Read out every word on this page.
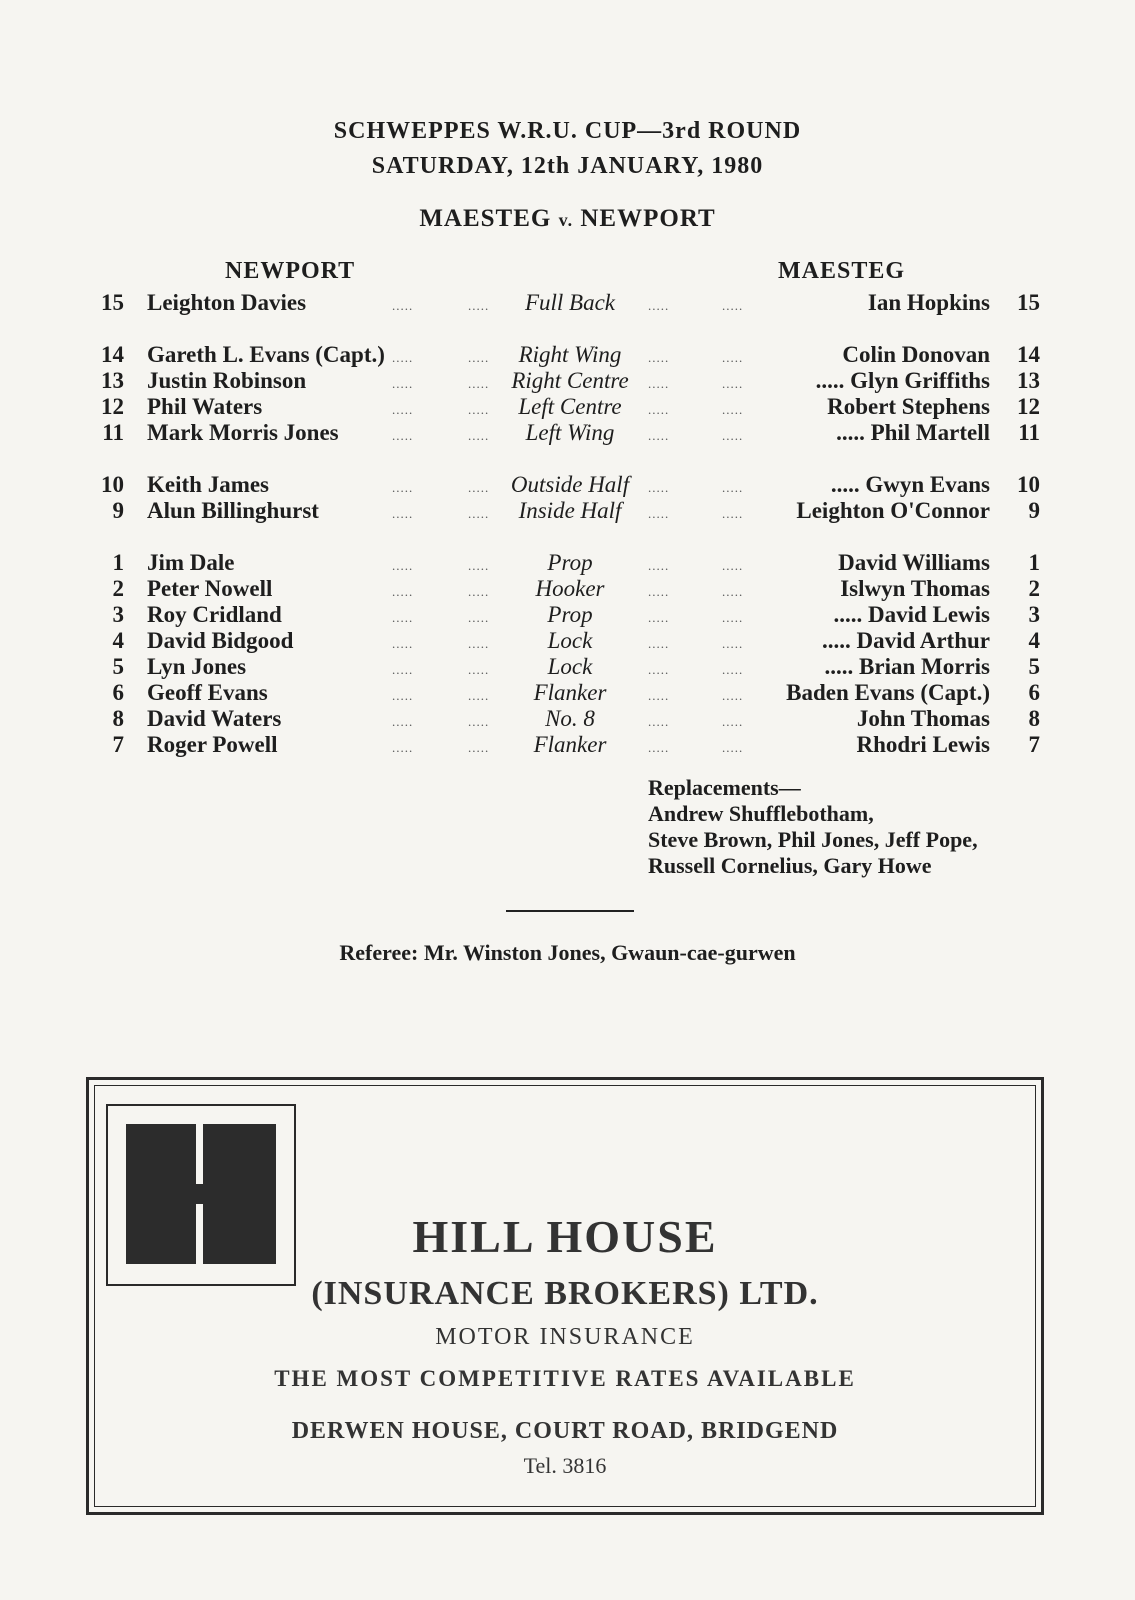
SCHWEPPES W.R.U. CUP—3rd ROUND
SATURDAY, 12th JANUARY, 1980
MAESTEG v. NEWPORT
NEWPORT	MAESTEG
15 Leighton Davies	.....	.....	Full Back	.....	.....	Ian Hopkins	15
14 Gareth L. Evans (Capt.) .....	.....	Right Wing	.....	.....	Colin Donovan	14
13 Justin Robinson	.....	..... Right Centre	.....	.....	..... Glyn Griffiths	13
12 Phil Waters	.....	.....	Left Centre	.....	.....	Robert Stephens	12
11 Mark Morris Jones	.....	.....	Left Wing	.....	.....	..... Phil Martell	11
10 Keith James	.....	..... Outside Half	.....	.....	..... Gwyn Evans	10
9 Alun Billinghurst	.....	.....	Inside Half	.....	..... Leighton O'Connor	9
1 Jim Dale	.....	.....	Prop	.....	.....	David Williams	1
2 Peter Nowell	.....	.....	Hooker	.....	.....	Islwyn Thomas	2
3 Roy Cridland	.....	.....	Prop	.....	.....	..... David Lewis	3
4 David Bidgood	.....	.....	Lock	.....	.....	..... David Arthur	4
5 Lyn Jones	.....	.....	Lock	.....	.....	..... Brian Morris	5
6 Geoff Evans	.....	.....	Flanker	.....	..... Baden Evans (Capt.)	6
8 David Waters	.....	.....	No. 8	.....	.....	John Thomas	8
7 Roger Powell	.....	.....	Flanker	.....	.....	Rhodri Lewis	7
Replacements—
Andrew Shufflebotham,
Steve Brown, Phil Jones, Jeff Pope,
Russell Cornelius, Gary Howe
Referee: Mr. Winston Jones, Gwaun-cae-gurwen
HILL HOUSE
(INSURANCE BROKERS) LTD.
MOTOR INSURANCE
THE MOST COMPETITIVE RATES AVAILABLE
DERWEN HOUSE, COURT ROAD, BRIDGEND
Tel. 3816
